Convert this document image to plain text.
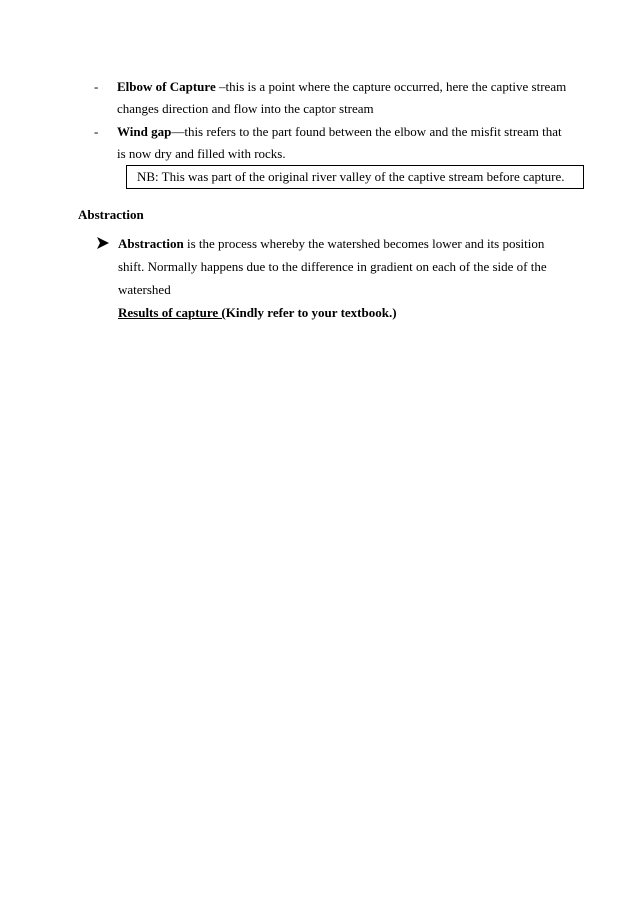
- Elbow of Capture –this is a point where the capture occurred, here the captive stream
changes direction and flow into the captor stream
- Wind gap—this refers to the part found between the elbow and the misfit stream that
is now dry and filled with rocks.
NB: This was part of the original river valley of the captive stream before capture.
Abstraction
Abstraction is the process whereby the watershed becomes lower and its position
shift. Normally happens due to the difference in gradient on each of the side of the
watershed
Results of capture (Kindly refer to your textbook.)
